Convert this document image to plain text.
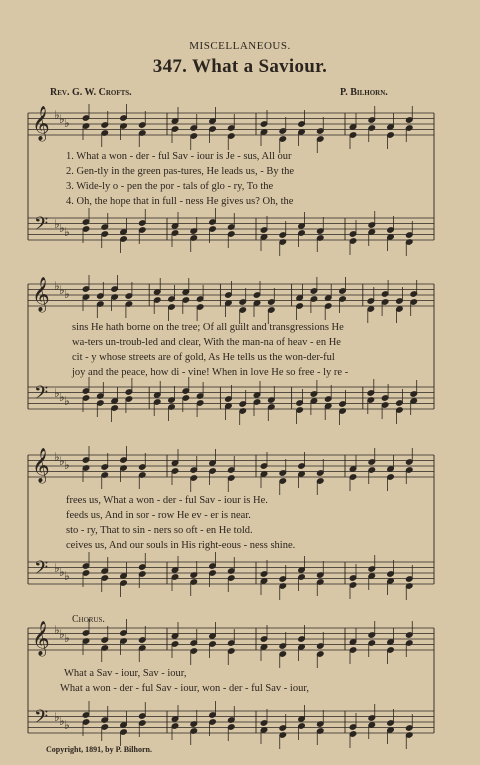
MISCELLANEOUS.
347. What a Saviour.
Rev. G. W. Crofts.	P. Bilhorn.
𝄞
𝄢
♭
♭
♭
♭
♭
♭
𝄞
𝄢
♭
♭
♭
♭
♭
♭
𝄞
𝄢
♭
♭
♭
♭
♭
♭
𝄞
𝄢
♭
♭
♭
♭
♭
♭
1. What a won - der - ful Sav - iour is Je - sus, All our
2. Gen-tly in the green pas-tures, He leads us, - By the
3. Wide-ly o - pen the por - tals of glo - ry, To the
4. Oh, the hope that in full - ness He gives us? Oh, the
sins He hath borne on the tree; Of all guilt and transgressions He
wa-ters un-troub-led and clear, With the man-na of heav - en He
cit - y whose streets are of gold, As He tells us the won-der-ful
joy and the peace, how di - vine! When in love He so free - ly re -
frees us, What a won - der - ful Sav - iour is He.
feeds us, And in sor - row He ev - er is near.
sto - ry, That to sin - ners so oft - en He told.
ceives us, And our souls in His right-eous - ness shine.
Chorus.
What a Sav - iour, Sav - iour,
What a won - der - ful Sav - iour, won - der - ful Sav - iour,
Copyright, 1891, by P. Bilhorn.
